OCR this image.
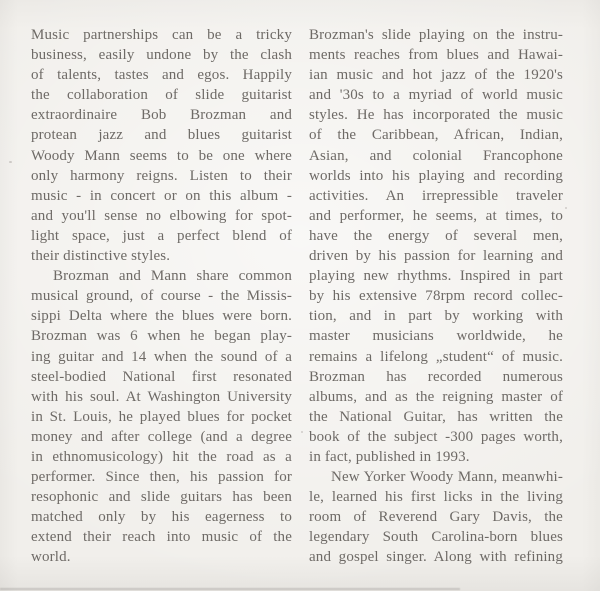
Music partnerships can be a tricky
business, easily undone by the clash
of talents, tastes and egos. Happily
the collaboration of slide guitarist
extraordinaire Bob Brozman and
protean jazz and blues guitarist
Woody Mann seems to be one where
only harmony reigns. Listen to their
music - in concert or on this album -
and you'll sense no elbowing for spot-
light space, just a perfect blend of
their distinctive styles.
Brozman and Mann share common
musical ground, of course - the Missis-
sippi Delta where the blues were born.
Brozman was 6 when he began play-
ing guitar and 14 when the sound of a
steel-bodied National first resonated
with his soul. At Washington University
in St. Louis, he played blues for pocket
money and after college (and a degree
in ethnomusicology) hit the road as a
performer. Since then, his passion for
resophonic and slide guitars has been
matched only by his eagerness to
extend their reach into music of the
world.
Brozman's slide playing on the instru-
ments reaches from blues and Hawai-
ian music and hot jazz of the 1920's
and '30s to a myriad of world music
styles. He has incorporated the music
of the Caribbean, African, Indian,
Asian, and colonial Francophone
worlds into his playing and recording
activities. An irrepressible traveler
and performer, he seems, at times, to
have the energy of several men,
driven by his passion for learning and
playing new rhythms. Inspired in part
by his extensive 78rpm record collec-
tion, and in part by working with
master musicians worldwide, he
remains a lifelong „student“ of music.
Brozman has recorded numerous
albums, and as the reigning master of
the National Guitar, has written the
book of the subject -300 pages worth,
in fact, published in 1993.
New Yorker Woody Mann, meanwhi-
le, learned his first licks in the living
room of Reverend Gary Davis, the
legendary South Carolina-born blues
and gospel singer. Along with refining
